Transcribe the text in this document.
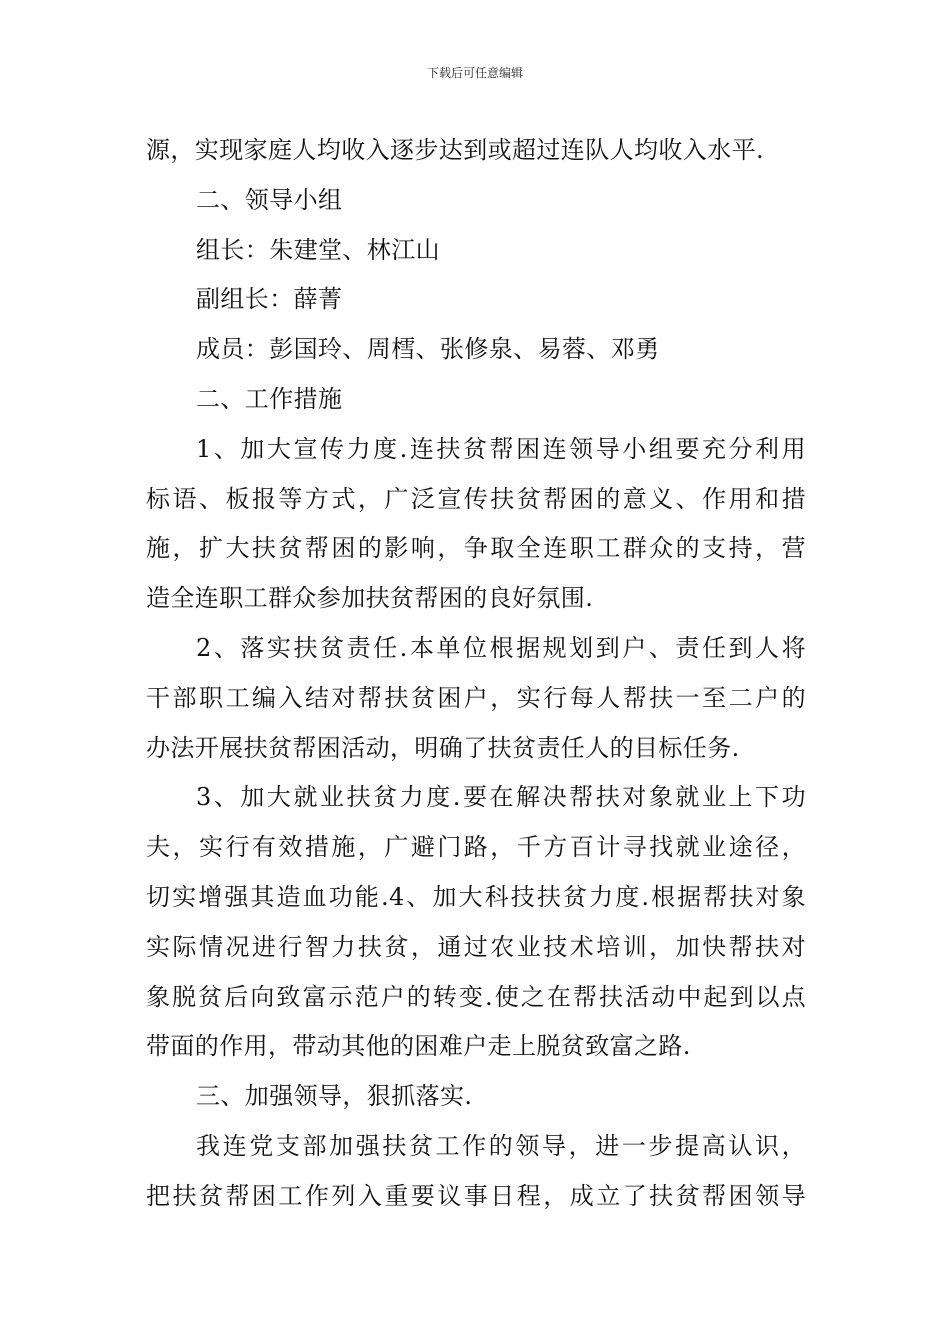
下载后可任意编辑
源，实现家庭人均收入逐步达到或超过连队人均收入水平.
二、领导小组
组长：朱建堂、林江山
副组长：薛菁
成员：彭国玲、周樰、张修泉、易蓉、邓勇
二、工作措施
1、加大宣传力度.连扶贫帮困连领导小组要充分利用
标语、板报等方式，广泛宣传扶贫帮困的意义、作用和措
施，扩大扶贫帮困的影响，争取全连职工群众的支持，营
造全连职工群众参加扶贫帮困的良好氛围.
2、落实扶贫责任.本单位根据规划到户、责任到人将
干部职工编入结对帮扶贫困户，实行每人帮扶一至二户的
办法开展扶贫帮困活动，明确了扶贫责任人的目标任务.
3、加大就业扶贫力度.要在解决帮扶对象就业上下功
夫，实行有效措施，广避门路，千方百计寻找就业途径，
切实增强其造血功能.4、加大科技扶贫力度.根据帮扶对象
实际情况进行智力扶贫，通过农业技术培训，加快帮扶对
象脱贫后向致富示范户的转变.使之在帮扶活动中起到以点
带面的作用，带动其他的困难户走上脱贫致富之路.
三、加强领导，狠抓落实.
我连党支部加强扶贫工作的领导，进一步提高认识，
把扶贫帮困工作列入重要议事日程，成立了扶贫帮困领导
